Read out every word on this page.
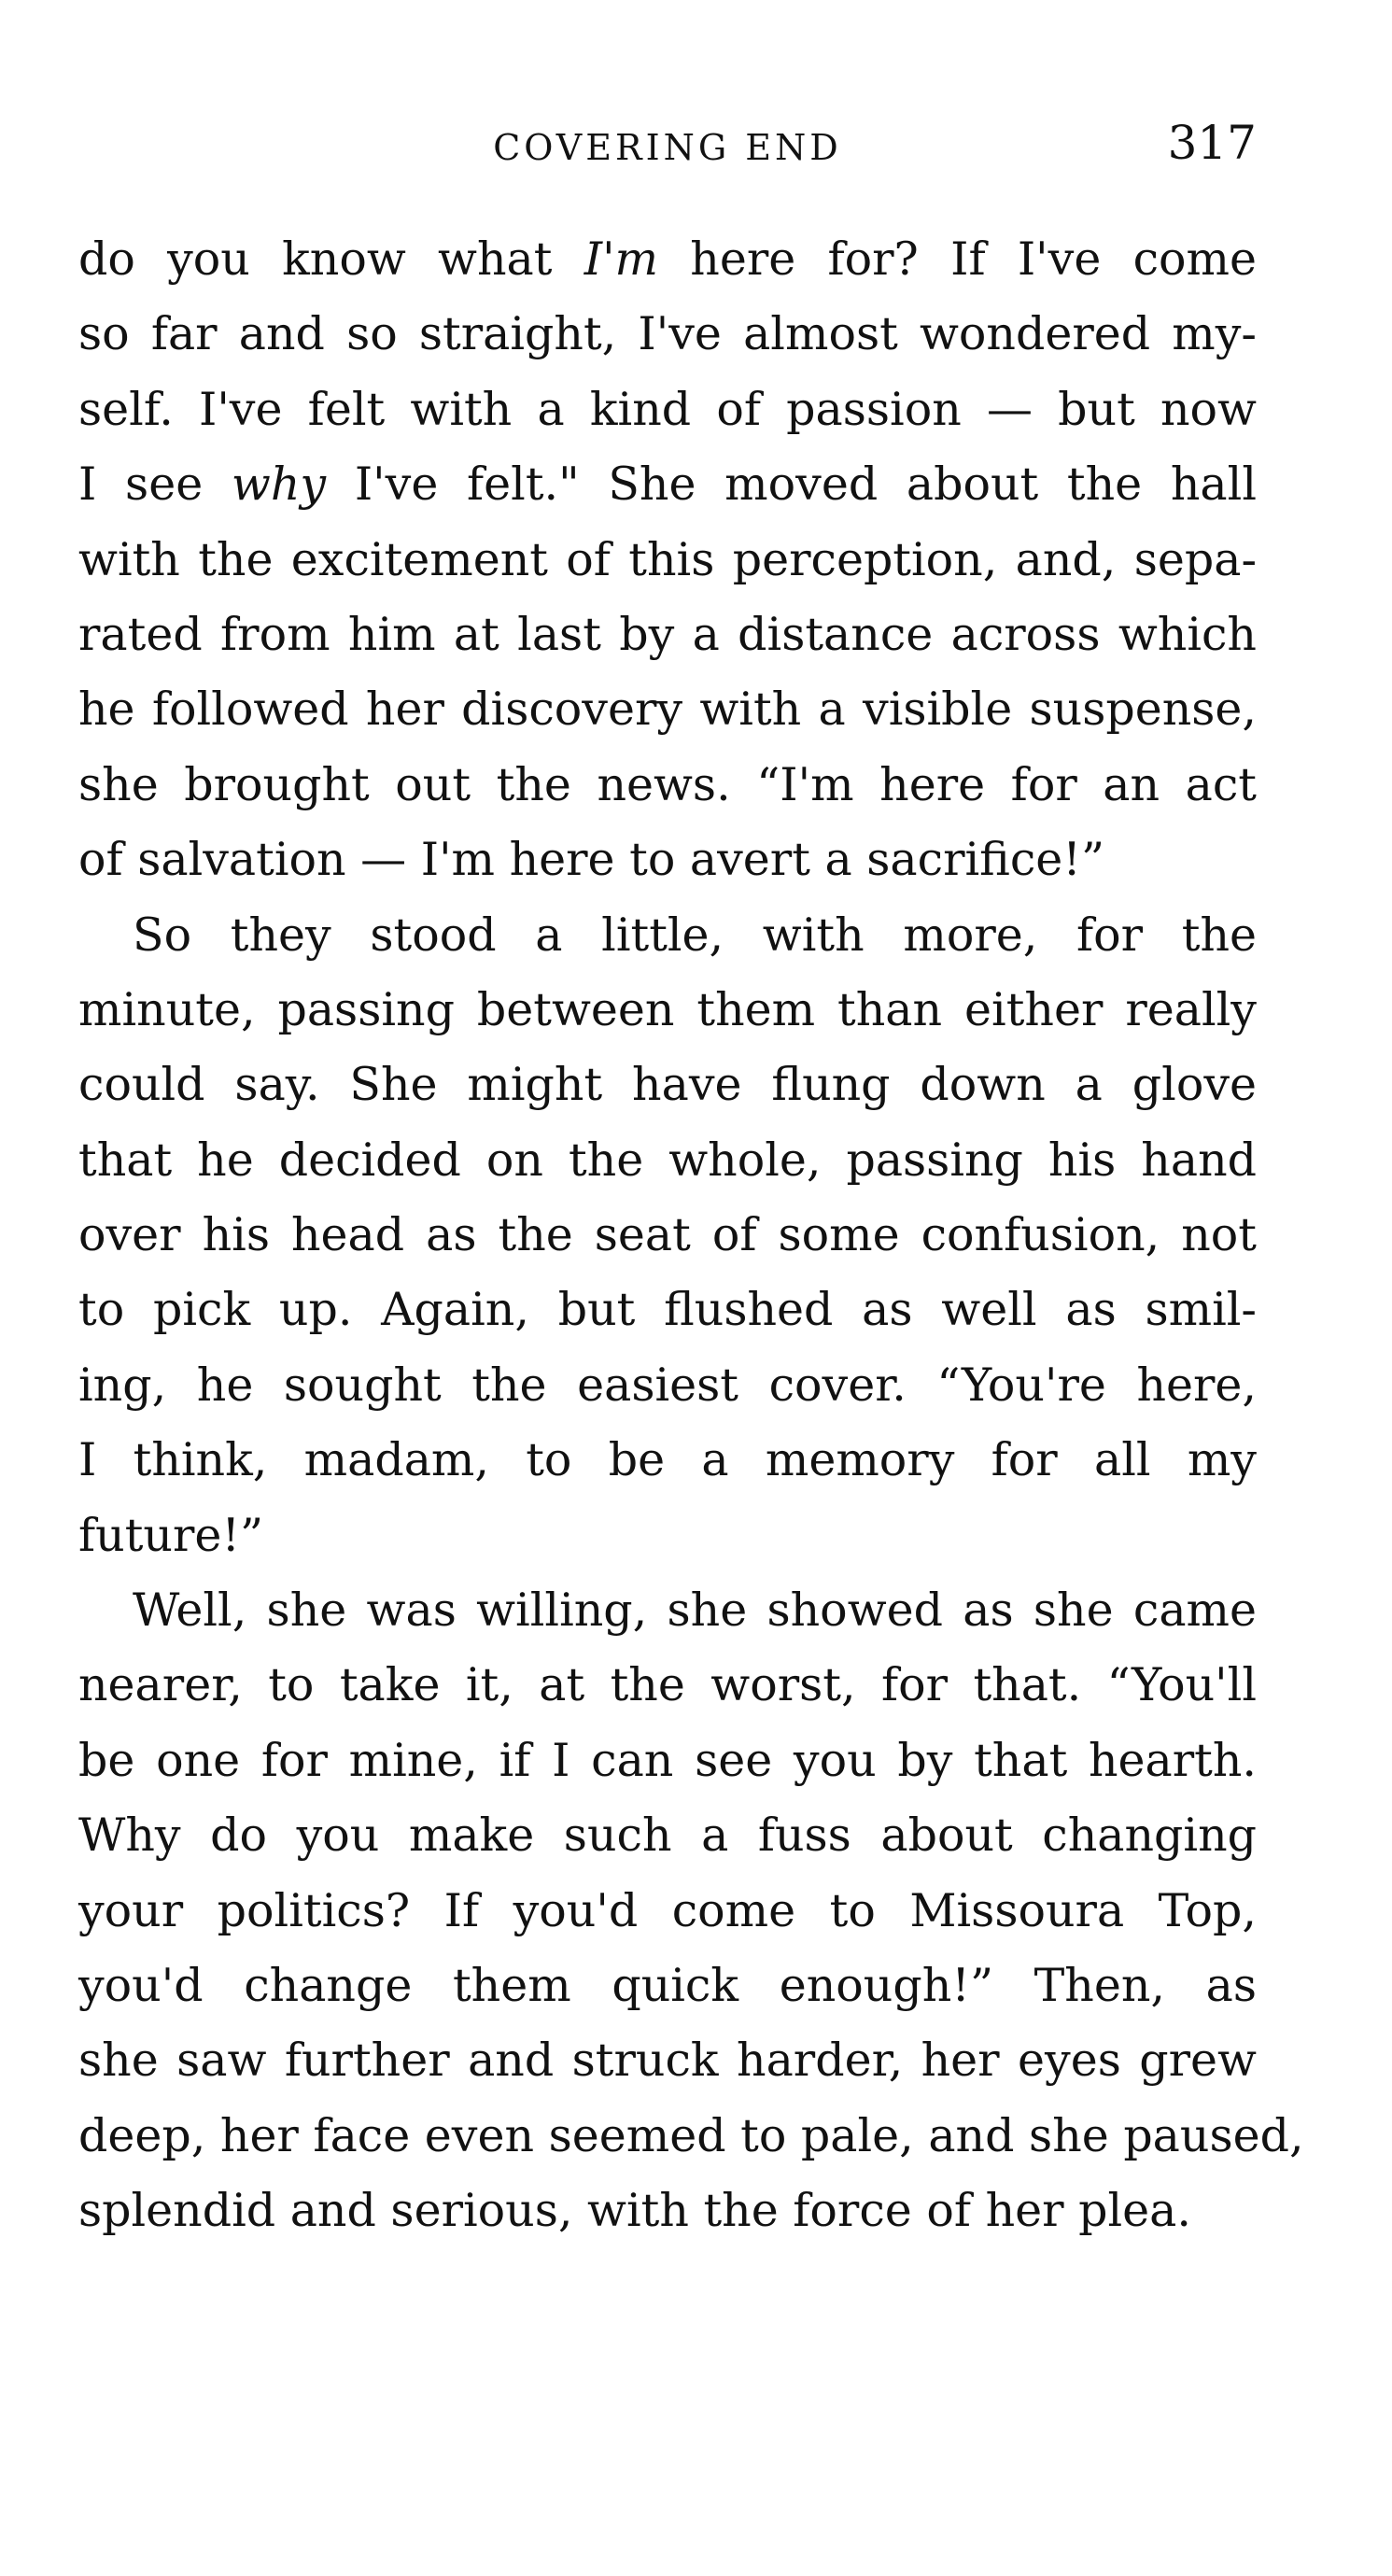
COVERING END	317
do you know what I'm here for? If I've come
so far and so straight, I've almost wondered my-
self. I've felt with a kind of passion — but now
I see why I've felt." She moved about the hall
with the excitement of this perception, and, sepa-
rated from him at last by a distance across which
he followed her discovery with a visible suspense,
she brought out the news. “I'm here for an act
of salvation — I'm here to avert a sacrifice!”
So they stood a little, with more, for the
minute, passing between them than either really
could say. She might have flung down a glove
that he decided on the whole, passing his hand
over his head as the seat of some confusion, not
to pick up. Again, but flushed as well as smil-
ing, he sought the easiest cover. “You're here,
I think, madam, to be a memory for all my
future!”
Well, she was willing, she showed as she came
nearer, to take it, at the worst, for that. “You'll
be one for mine, if I can see you by that hearth.
Why do you make such a fuss about changing
your politics? If you'd come to Missoura Top,
you'd change them quick enough!” Then, as
she saw further and struck harder, her eyes grew
deep, her face even seemed to pale, and she paused,
splendid and serious, with the force of her plea.
